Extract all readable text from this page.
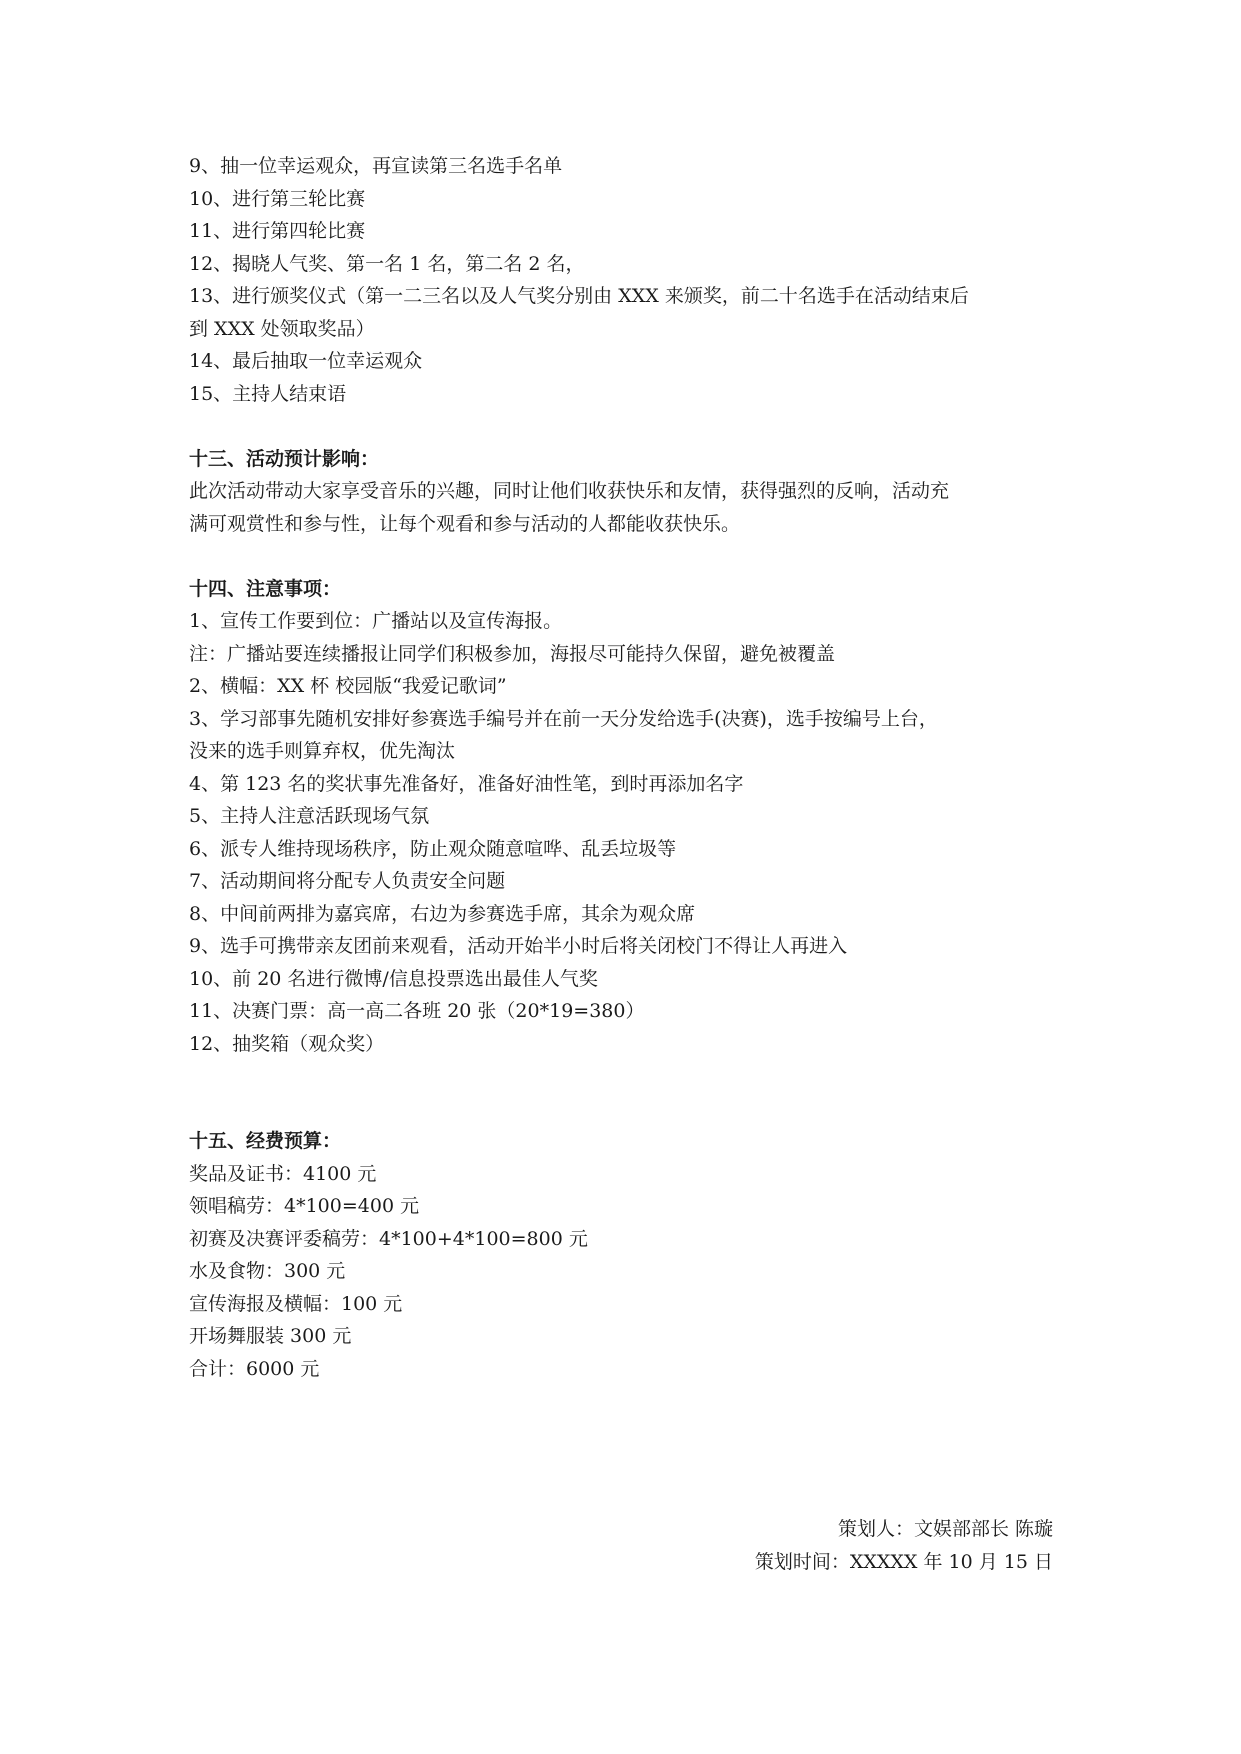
9、抽一位幸运观众，再宣读第三名选手名单
10、进行第三轮比赛
11、进行第四轮比赛
12、揭晓人气奖、第一名 1 名，第二名 2 名，
13、进行颁奖仪式（第一二三名以及人气奖分别由 XXX 来颁奖，前二十名选手在活动结束后
到 XXX 处领取奖品）
14、最后抽取一位幸运观众
15、主持人结束语
十三、活动预计影响：
此次活动带动大家享受音乐的兴趣，同时让他们收获快乐和友情，获得强烈的反响，活动充
满可观赏性和参与性，让每个观看和参与活动的人都能收获快乐。
十四、注意事项：
1、宣传工作要到位：广播站以及宣传海报。
注：广播站要连续播报让同学们积极参加，海报尽可能持久保留，避免被覆盖
2、横幅：XX 杯 校园版“我爱记歌词”
3、学习部事先随机安排好参赛选手编号并在前一天分发给选手(决赛)，选手按编号上台，
没来的选手则算弃权，优先淘汰
4、第 123 名的奖状事先准备好，准备好油性笔，到时再添加名字
5、主持人注意活跃现场气氛
6、派专人维持现场秩序，防止观众随意喧哗、乱丢垃圾等
7、活动期间将分配专人负责安全问题
8、中间前两排为嘉宾席，右边为参赛选手席，其余为观众席
9、选手可携带亲友团前来观看，活动开始半小时后将关闭校门不得让人再进入
10、前 20 名进行微博/信息投票选出最佳人气奖
11、决赛门票：高一高二各班 20 张（20*19=380）
12、抽奖箱（观众奖）
十五、经费预算：
奖品及证书：4100 元
领唱稿劳：4*100=400 元
初赛及决赛评委稿劳：4*100+4*100=800 元
水及食物：300 元
宣传海报及横幅：100 元
开场舞服装 300 元
合计：6000 元
策划人：文娱部部长 陈璇
策划时间：XXXXX 年 10 月 15 日
